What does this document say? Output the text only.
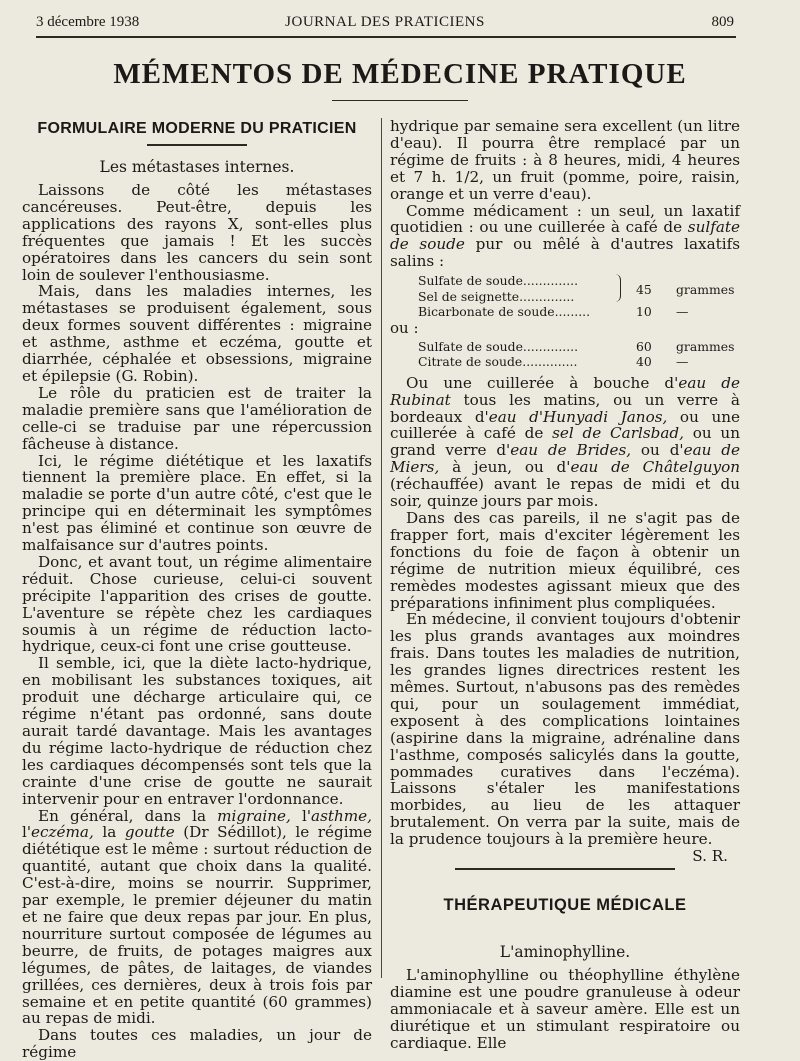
3 décembre 1938	JOURNAL DES PRATICIENS	809
MÉMENTOS DE MÉDECINE PRATIQUE
FORMULAIRE MODERNE DU PRATICIEN
Les métastases internes.

Laissons de côté les métastases cancéreuses. Peut-être, depuis les applications des rayons X, sont-elles plus fréquentes que jamais ! Et les succès opératoires dans les cancers du sein sont loin de soulever l'enthousiasme.

Mais, dans les maladies internes, les métastases se produisent également, sous deux formes souvent différentes : migraine et asthme, asthme et eczéma, goutte et diarrhée, céphalée et obsessions, migraine et épilepsie (G. Robin).

Le rôle du praticien est de traiter la maladie première sans que l'amélioration de celle-ci se traduise par une répercussion fâcheuse à distance.

Ici, le régime diététique et les laxatifs tiennent la première place. En effet, si la maladie se porte d'un autre côté, c'est que le principe qui en déterminait les symptômes n'est pas éliminé et continue son œuvre de malfaisance sur d'autres points.

Donc, et avant tout, un régime alimentaire réduit. Chose curieuse, celui-ci souvent précipite l'apparition des crises de goutte. L'aventure se répète chez les cardiaques soumis à un régime de réduction lacto-hydrique, ceux-ci font une crise goutteuse.

Il semble, ici, que la diète lacto-hydrique, en mobilisant les substances toxiques, ait produit une décharge articulaire qui, ce régime n'étant pas ordonné, sans doute aurait tardé davantage. Mais les avantages du régime lacto-hydrique de réduction chez les cardiaques décompensés sont tels que la crainte d'une crise de goutte ne saurait intervenir pour en entraver l'ordonnance.

En général, dans la migraine, l'asthme, l'eczéma, la goutte (Dr Sédillot), le régime diététique est le même : surtout réduction de quantité, autant que choix dans la qualité. C'est-à-dire, moins se nourrir. Supprimer, par exemple, le premier déjeuner du matin et ne faire que deux repas par jour. En plus, nourriture surtout composée de légumes au beurre, de fruits, de potages maigres aux légumes, de pâtes, de laitages, de viandes grillées, ces dernières, deux à trois fois par semaine et en petite quantité (60 grammes) au repas de midi.

Dans toutes ces maladies, un jour de régime

hydrique par semaine sera excellent (un litre d'eau). Il pourra être remplacé par un régime de fruits : à 8 heures, midi, 4 heures et 7 h. 1/2, un fruit (pomme, poire, raisin, orange et un verre d'eau).

Comme médicament : un seul, un laxatif quotidien : ou une cuillerée à café de sulfate de soude pur ou mêlé à d'autres laxatifs salins :

Sulfate de soude..............
Sel de seignette..............	45 grammes
Bicarbonate de soude.........	10 —
ou :
Sulfate de soude..............	60 grammes
Citrate de soude..............	40 —

Ou une cuillerée à bouche d'eau de Rubinat tous les matins, ou un verre à bordeaux d'eau d'Hunyadi Janos, ou une cuillerée à café de sel de Carlsbad, ou un grand verre d'eau de Brides, ou d'eau de Miers, à jeun, ou d'eau de Châtelguyon (réchauffée) avant le repas de midi et du soir, quinze jours par mois.

Dans des cas pareils, il ne s'agit pas de frapper fort, mais d'exciter légèrement les fonctions du foie de façon à obtenir un régime de nutrition mieux équilibré, ces remèdes modestes agissant mieux que des préparations infiniment plus compliquées.

En médecine, il convient toujours d'obtenir les plus grands avantages aux moindres frais. Dans toutes les maladies de nutrition, les grandes lignes directrices restent les mêmes. Surtout, n'abusons pas des remèdes qui, pour un soulagement immédiat, exposent à des complications lointaines (aspirine dans la migraine, adrénaline dans l'asthme, composés salicylés dans la goutte, pommades curatives dans l'eczéma). Laissons s'étaler les manifestations morbides, au lieu de les attaquer brutalement. On verra par la suite, mais de la prudence toujours à la première heure.
S. R.

THÉRAPEUTIQUE MÉDICALE
L'aminophylline.

L'aminophylline ou théophylline éthylène diamine est une poudre granuleuse à odeur ammoniacale et à saveur amère. Elle est un diurétique et un stimulant respiratoire ou cardiaque. Elle
